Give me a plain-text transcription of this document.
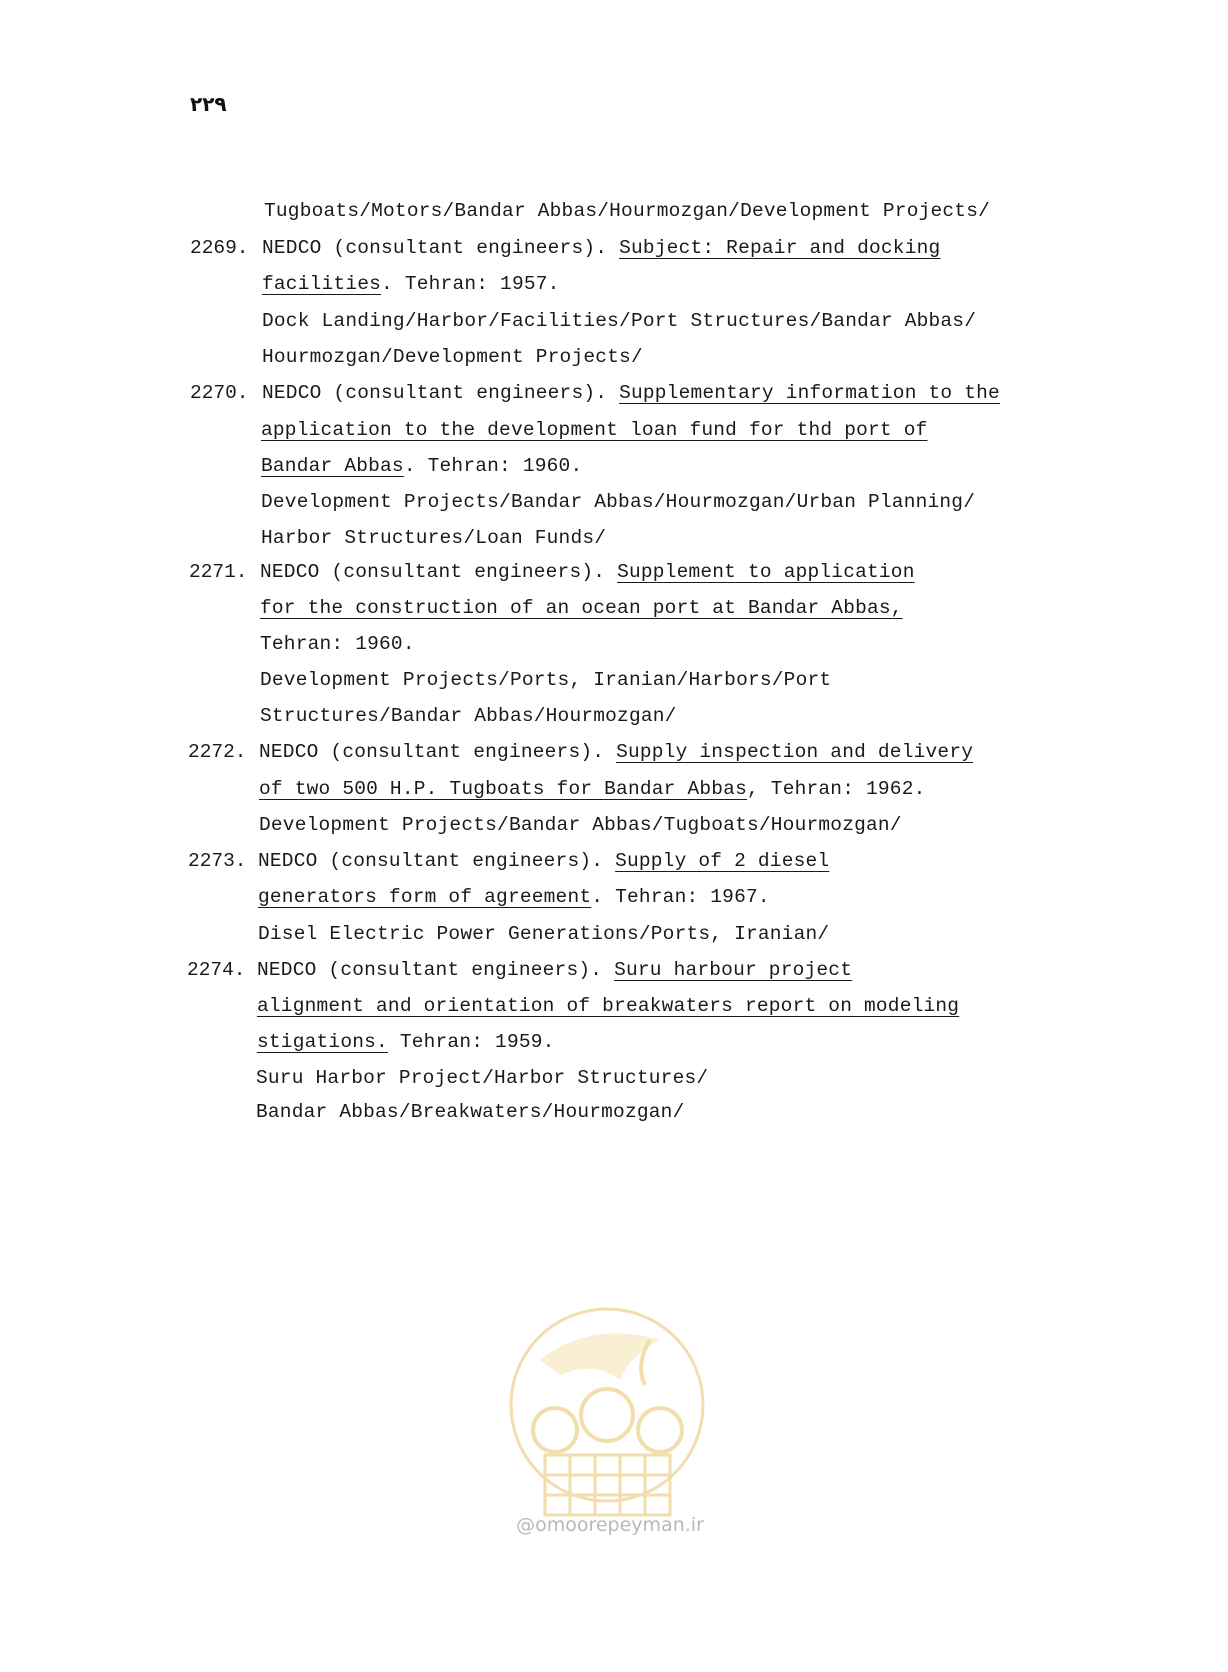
۲۲۹
Tugboats/Motors/Bandar Abbas/Hourmozgan/Development Projects/
2269. NEDCO (consultant engineers). Subject: Repair and docking
facilities. Tehran: 1957.
Dock Landing/Harbor/Facilities/Port Structures/Bandar Abbas/
Hourmozgan/Development Projects/
2270. NEDCO (consultant engineers). Supplementary information to the
application to the development loan fund for thd port of
Bandar Abbas. Tehran: 1960.
Development Projects/Bandar Abbas/Hourmozgan/Urban Planning/
Harbor Structures/Loan Funds/
2271. NEDCO (consultant engineers). Supplement to application
for the construction of an ocean port at Bandar Abbas,
Tehran: 1960.
Development Projects/Ports, Iranian/Harbors/Port
Structures/Bandar Abbas/Hourmozgan/
2272. NEDCO (consultant engineers). Supply inspection and delivery
of two 500 H.P. Tugboats for Bandar Abbas, Tehran: 1962.
Development Projects/Bandar Abbas/Tugboats/Hourmozgan/
2273. NEDCO (consultant engineers). Supply of 2 diesel
generators form of agreement. Tehran: 1967.
Disel Electric Power Generations/Ports, Iranian/
2274. NEDCO (consultant engineers). Suru harbour project
alignment and orientation of breakwaters report on modeling
stigations. Tehran: 1959.
Suru Harbor Project/Harbor Structures/
Bandar Abbas/Breakwaters/Hourmozgan/
@omoorepeyman.ir
